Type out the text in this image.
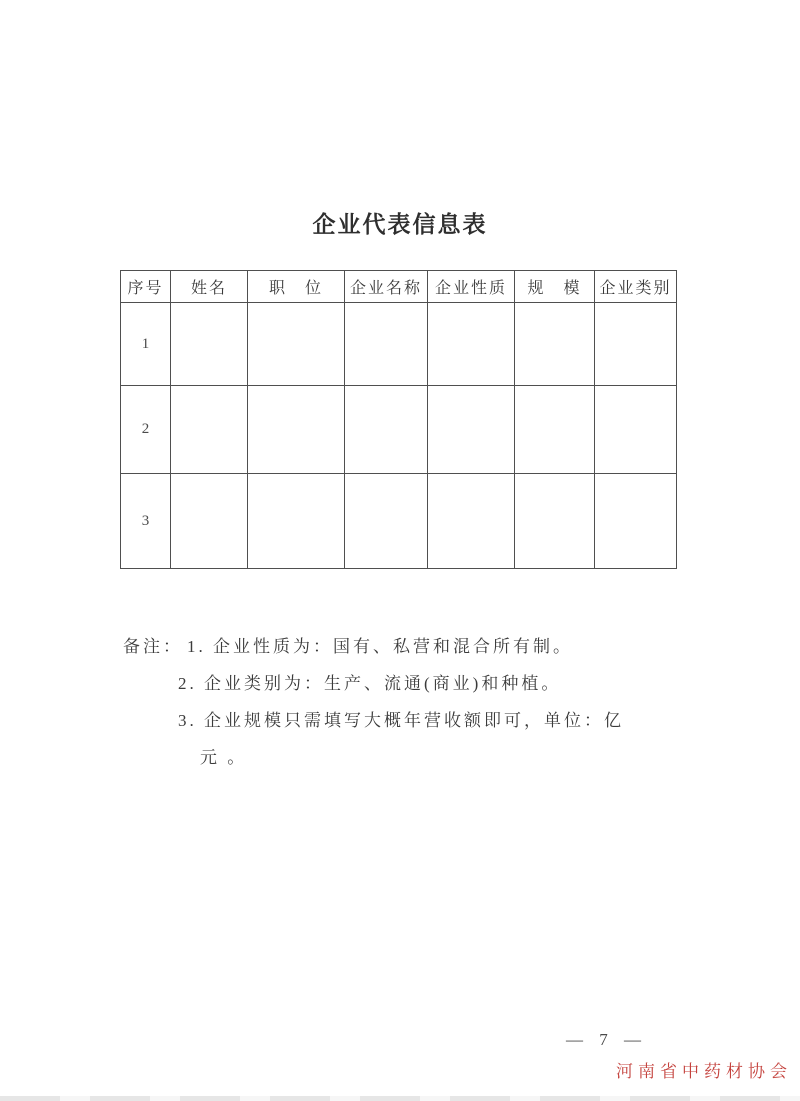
企业代表信息表
序号	姓名	职　位	企业名称	企业性质	规　模	企业类别
1						
2						
3						
备注： 1. 企业性质为：国有、私营和混合所有制。
2. 企业类别为：生产、流通(商业)和种植。
3. 企业规模只需填写大概年营收额即可，单位：亿
元 。
— 7 —
河南省中药材协会
